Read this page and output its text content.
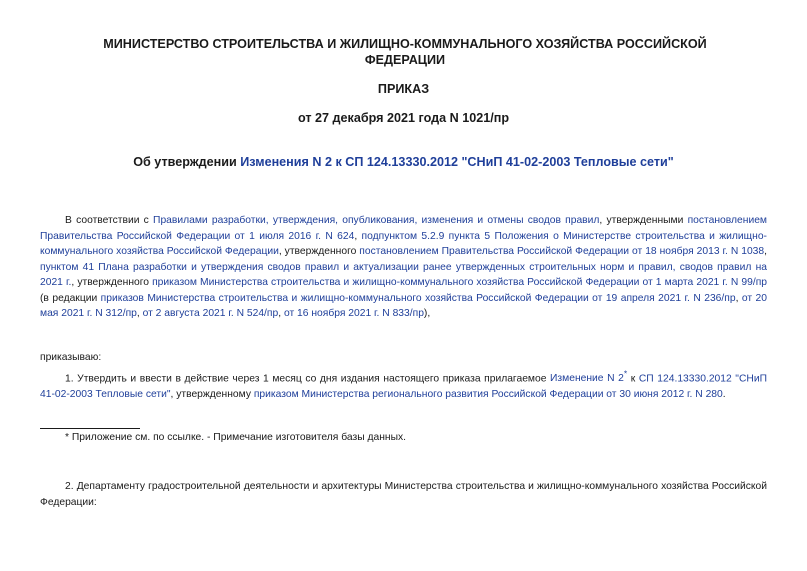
МИНИСТЕРСТВО СТРОИТЕЛЬСТВА И ЖИЛИЩНО-КОММУНАЛЬНОГО ХОЗЯЙСТВА РОССИЙСКОЙ ФЕДЕРАЦИИ
ПРИКАЗ
от 27 декабря 2021 года N 1021/пр
Об утверждении Изменения N 2 к СП 124.13330.2012 "СНиП 41-02-2003 Тепловые сети"
В соответствии с Правилами разработки, утверждения, опубликования, изменения и отмены сводов правил, утвержденными постановлением Правительства Российской Федерации от 1 июля 2016 г. N 624, подпунктом 5.2.9 пункта 5 Положения о Министерстве строительства и жилищно-коммунального хозяйства Российской Федерации, утвержденного постановлением Правительства Российской Федерации от 18 ноября 2013 г. N 1038, пунктом 41 Плана разработки и утверждения сводов правил и актуализации ранее утвержденных строительных норм и правил, сводов правил на 2021 г., утвержденного приказом Министерства строительства и жилищно-коммунального хозяйства Российской Федерации от 1 марта 2021 г. N 99/пр (в редакции приказов Министерства строительства и жилищно-коммунального хозяйства Российской Федерации от 19 апреля 2021 г. N 236/пр, от 20 мая 2021 г. N 312/пр, от 2 августа 2021 г. N 524/пр, от 16 ноября 2021 г. N 833/пр),
приказываю:
1. Утвердить и ввести в действие через 1 месяц со дня издания настоящего приказа прилагаемое Изменение N 2* к СП 124.13330.2012 "СНиП 41-02-2003 Тепловые сети", утвержденному приказом Министерства регионального развития Российской Федерации от 30 июня 2012 г. N 280.
* Приложение см. по ссылке. - Примечание изготовителя базы данных.
2. Департаменту градостроительной деятельности и архитектуры Министерства строительства и жилищно-коммунального хозяйства Российской Федерации:
